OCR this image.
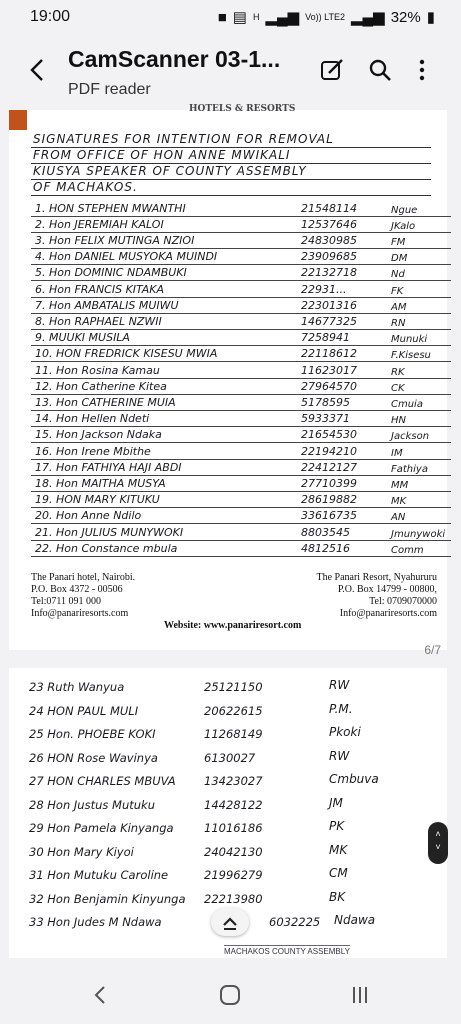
19:00	■ ▤ H ▂▄▆ Vo)) LTE2 ▂▄▆ 32% ▮
CamScanner 03-1...
PDF reader
HOTELS & RESORTS
SIGNATURES FOR INTENTION FOR REMOVAL
FROM OFFICE OF HON ANNE MWIKALI
KIUSYA SPEAKER OF COUNTY ASSEMBLY
OF MACHAKOS.
1. HON STEPHEN MWANTHI	21548114	Ngue
2. Hon JEREMIAH KALOI	12537646	JKalo
3. Hon FELIX MUTINGA NZIOI	24830985	FM
4. Hon DANIEL MUSYOKA MUINDI	23909685	DM
5. Hon DOMINIC NDAMBUKI	22132718	Nd
6. Hon FRANCIS KITAKA	22931...	FK
7. Hon AMBATALIS MUIWU	22301316	AM
8. Hon RAPHAEL NZWII	14677325	RN
9. MUUKI MUSILA	7258941	Munuki
10. HON FREDRICK KISESU MWIA	22118612	F.Kisesu
11. Hon Rosina Kamau	11623017	RK
12. Hon Catherine Kitea	27964570	CK
13. Hon CATHERINE MUIA	5178595	Cmuia
14. Hon Hellen Ndeti	5933371	HN
15. Hon Jackson Ndaka	21654530	Jackson
16. Hon Irene Mbithe	22194210	IM
17. Hon FATHIYA HAJI ABDI	22412127	Fathiya
18. Hon MAITHA MUSYA	27710399	MM
19. HON MARY KITUKU	28619882	MK
20. Hon Anne Ndilo	33616735	AN
21. Hon JULIUS MUNYWOKI	8803545	Jmunywoki
22. Hon Constance mbula	4812516	Comm
The Panari hotel, Nairobi.
P.O. Box 4372 - 00506
Tel:0711 091 000
Info@panariresorts.com
The Panari Resort, Nyahururu
P.O. Box 14799 - 00800,
Tel: 0709070000
Info@panariresorts.com
Website: www.panariresort.com
6/7
23 Ruth Wanyua	25121150	RW
24 HON PAUL MULI	20622615	P.M.
25 Hon. PHOEBE KOKI	11268149	Pkoki
26 HON Rose Wavinya	6130027	RW
27 HON CHARLES MBUVA 13423027	Cmbuva
28 Hon Justus Mutuku	14428122	JM
29 Hon Pamela Kinyanga	11016186	PK
30 Hon Mary Kiyoi	24042130	MK
31 Hon Mutuku Caroline	21996279	CM
32 Hon Benjamin Kinyunga 22213980	BK
33 Hon Judes M Ndawa	6032225 Ndawa
MACHAKOS COUNTY ASSEMBLY
˄
˅
